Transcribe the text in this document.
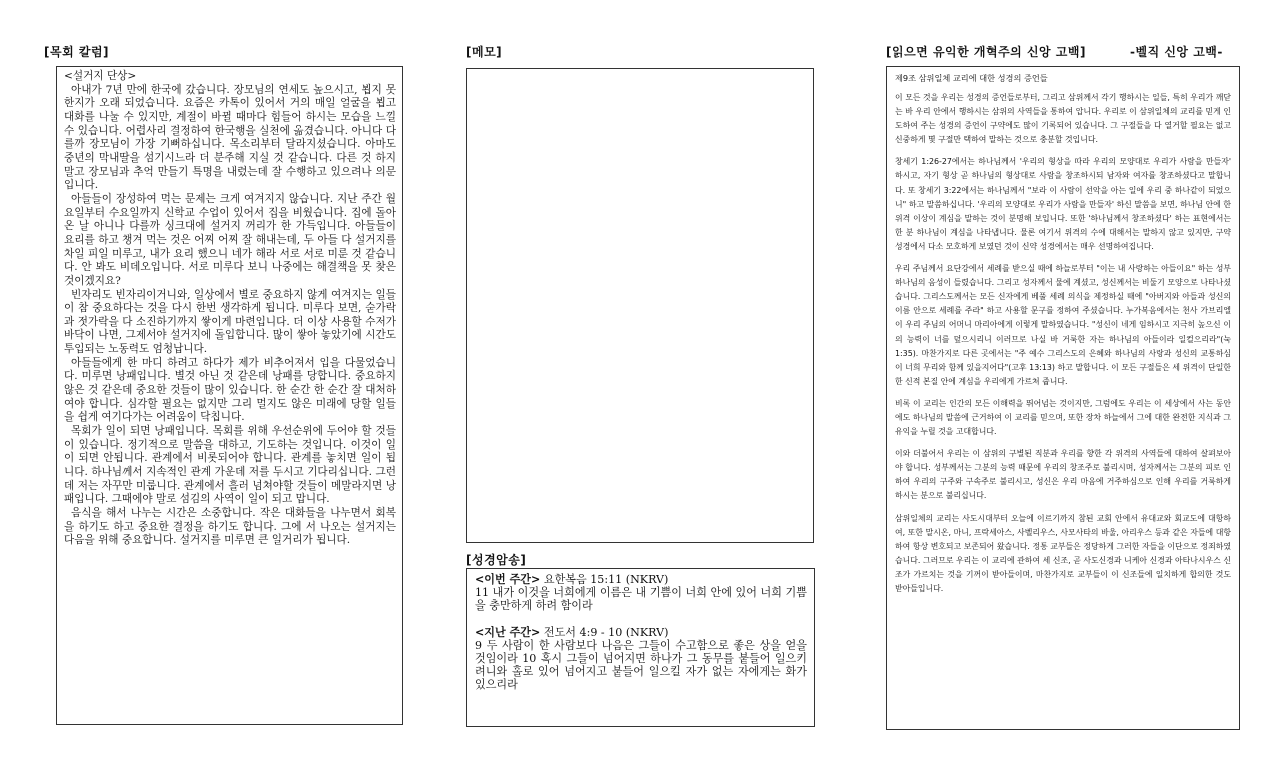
[목회 칼럼]

<설거지 단상>

아내가 7년 만에 한국에 갔습니다. 장모님의 연세도 높으시고, 뵙지 못한지가 오래 되었습니다. 요즘은 카톡이 있어서 거의 매일 얼굴을 뵙고 대화를 나눌 수 있지만, 계절이 바뀔 때마다 힘들어 하시는 모습을 느낄 수 있습니다. 어렵사리 결정하여 한국행을 실천에 옮겼습니다. 아니다 다를까 장모님이 가장 기뻐하십니다. 목소리부터 달라지셨습니다. 아마도 중년의 막내딸을 섬기시느라 더 분주해 지실 것 같습니다. 다른 것 하지 말고 장모님과 추억 만들기 특명을 내렸는데 잘 수행하고 있으려나 의문입니다.

아들들이 장성하여 먹는 문제는 크게 여겨지지 않습니다. 지난 주간 월요일부터 수요일까지 신학교 수업이 있어서 집을 비웠습니다. 집에 돌아온 날 아니나 다를까 싱크대에 설거지 꺼리가 한 가득입니다. 아들들이 요리를 하고 챙겨 먹는 것은 어찌 어찌 잘 해내는데, 두 아들 다 설거지를 차일 피일 미루고, 내가 요리 했으니 네가 해라 서로 서로 미룬 것 같습니다. 안 봐도 비데오입니다. 서로 미루다 보니 나중에는 해결책을 못 찾은 것이겠지요?

빈자리도 빈자리이거니와, 일상에서 별로 중요하지 않게 여겨지는 일들이 참 중요하다는 것을 다시 한번 생각하게 됩니다. 미루다 보면, 숟가락과 젓가락을 다 소진하기까지 쌓이게 마련입니다. 더 이상 사용할 수저가 바닥이 나면, 그제서야 설거지에 돌입합니다. 많이 쌓아 놓았기에 시간도 투입되는 노동력도 엄청납니다.

아들들에게 한 마디 하려고 하다가 제가 비추어져서 입을 다물었습니다. 미루면 낭패입니다. 별것 아닌 것 같은데 낭패를 당합니다. 중요하지 않은 것 같은데 중요한 것들이 많이 있습니다. 한 순간 한 순간 잘 대처하여야 합니다. 심각할 필요는 없지만 그리 멀지도 않은 미래에 당할 일들을 쉽게 여기다가는 어려움이 닥칩니다.

목회가 일이 되면 낭패입니다. 목회를 위해 우선순위에 두어야 할 것들이 있습니다. 정기적으로 말씀을 대하고, 기도하는 것입니다. 이것이 일이 되면 안됩니다. 관계에서 비롯되어야 합니다. 관계를 놓치면 일이 됩니다. 하나님께서 지속적인 관계 가운데 저를 두시고 기다리십니다. 그런데 저는 자꾸만 미룹니다. 관계에서 흘러 넘쳐야할 것들이 메말라지면 낭패입니다. 그때에야 말로 섬김의 사역이 일이 되고 맙니다.

음식을 해서 나누는 시간은 소중합니다. 작은 대화들을 나누면서 회복을 하기도 하고 중요한 결정을 하기도 합니다. 그에 서 나오는 설거지는 다음을 위해 중요합니다. 설거지를 미루면 큰 일거리가 됩니다.

[메모]
[성경암송]
<이번 주간> 요한복음 15:11 (NKRV)
11 내가 이것을 너희에게 이름은 내 기쁨이 너희 안에 있어 너희 기쁨을 충만하게 하려 함이라
<지난 주간> 전도서 4:9 - 10 (NKRV)
9 두 사람이 한 사람보다 나음은 그들이 수고함으로 좋은 상을 얻을 것임이라 10 혹시 그들이 넘어지면 하나가 그 동무를 붙들어 일으키려니와 홀로 있어 넘어지고 붙들어 일으킬 자가 없는 자에게는 화가 있으리라
[읽으면 유익한 개혁주의 신앙 고백]	-벨직 신앙 고백-
제9조 삼위일체 교리에 대한 성경의 증언들

이 모든 것을 우리는 성경의 증언들로부터, 그리고 삼위께서 각기 행하시는 일들, 특히 우리가 깨닫는 바 우리 안에서 행하시는 삼위의 사역들을 통하여 압니다. 우리로 이 삼위일체의 교리를 믿게 인도하여 주는 성경의 증언이 구약에도 많이 기록되어 있습니다. 그 구절들을 다 열거할 필요는 없고 신중하게 몇 구절만 택하여 말하는 것으로 충분할 것입니다.

창세기 1:26-27에서는 하나님께서 '우리의 형상을 따라 우리의 모양대로 우리가 사람을 만들자' 하시고, 자기 형상 곧 하나님의 형상대로 사람을 창조하시되 남자와 여자를 창조하셨다고 말합니다. 또 창세기 3:22에서는 하나님께서 "보라 이 사람이 선악을 아는 일에 우리 중 하나같이 되었으니" 하고 말씀하십니다. '우리의 모양대로 우리가 사람을 만들자' 하신 말씀을 보면, 하나님 안에 한 위격 이상이 계심을 말하는 것이 분명해 보입니다. 또한 '하나님께서 창조하셨다' 하는 표현에서는 한 분 하나님이 계심을 나타냅니다. 물론 여기서 위격의 수에 대해서는 말하지 않고 있지만, 구약 성경에서 다소 모호하게 보였던 것이 신약 성경에서는 매우 선명하여집니다.

우리 주님께서 요단강에서 세례를 받으실 때에 하늘로부터 "이는 내 사랑하는 아들이요" 하는 성부 하나님의 음성이 들렸습니다. 그리고 성자께서 물에 계셨고, 성신께서는 비둘기 모양으로 나타나셨습니다. 그리스도께서는 모든 신자에게 베풀 세례 의식을 제정하실 때에 "아버지와 아들과 성신의 이름 안으로 세례를 주라" 하고 사용할 문구를 정하여 주셨습니다. 누가복음에서는 천사 가브리엘이 우리 주님의 어머니 마리아에게 이렇게 말하였습니다. "성신이 네게 임하시고 지극히 높으신 이의 능력이 너를 덮으시리니 이러므로 나실 바 거룩한 자는 하나님의 아들이라 일컬으리라"(눅 1:35). 마찬가지로 다른 곳에서는 "주 예수 그리스도의 은혜와 하나님의 사랑과 성신의 교통하심이 너희 무리와 함께 있을지어다"(고후 13:13) 하고 말합니다. 이 모든 구절들은 세 위격이 단일한 한 신적 본질 안에 계심을 우리에게 가르쳐 줍니다.

비록 이 교리는 인간의 모든 이해력을 뛰어넘는 것이지만, 그럼에도 우리는 이 세상에서 사는 동안에도 하나님의 말씀에 근거하여 이 교리를 믿으며, 또한 장차 하늘에서 그에 대한 완전한 지식과 그 유익을 누릴 것을 고대합니다.

이와 더불어서 우리는 이 삼위의 구별된 직분과 우리를 향한 각 위격의 사역들에 대하여 살펴보아야 합니다. 성부께서는 그분의 능력 때문에 우리의 창조주로 불리시며, 성자께서는 그분의 피로 인하여 우리의 구주와 구속주로 불리시고, 성신은 우리 마음에 거주하심으로 인해 우리를 거룩하게 하시는 분으로 불리십니다.

삼위일체의 교리는 사도시대부터 오늘에 이르기까지 참된 교회 안에서 유대교와 회교도에 대항하여, 또한 말시온, 마니, 프락세아스, 사벨리우스, 사모사타의 바울, 아리우스 등과 같은 자들에 대항하여 항상 변호되고 보존되어 왔습니다. 정통 교부들은 정당하게 그러한 자들을 이단으로 정죄하였습니다. 그러므로 우리는 이 교리에 관하여 세 신조, 곧 사도신경과 니케아 신경과 아타나시우스 신조가 가르치는 것을 기꺼이 받아들이며, 마찬가지로 교부들이 이 신조들에 일치하게 합의한 것도 받아들입니다.
